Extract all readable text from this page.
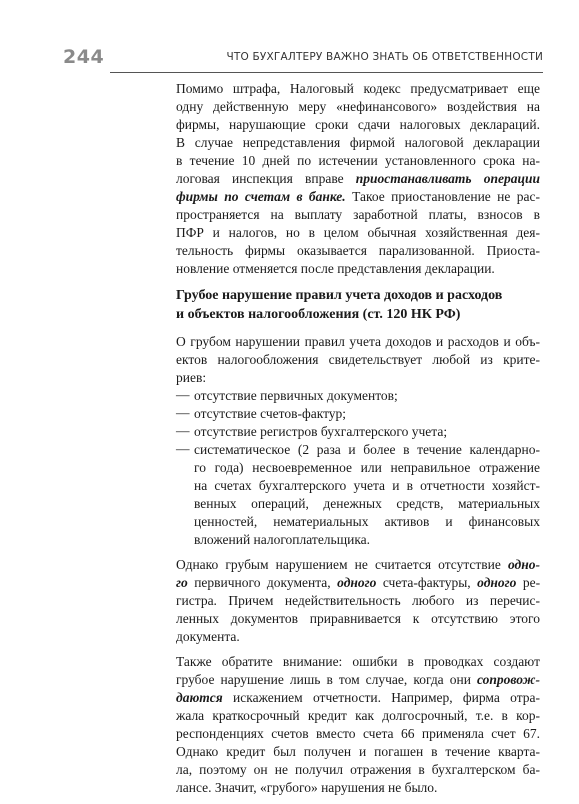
244	ЧТО БУХГАЛТЕРУ ВАЖНО ЗНАТЬ ОБ ОТВЕТСТВЕННОСТИ
Помимо штрафа, Налоговый кодекс предусматривает еще
одну действенную меру «нефинансового» воздействия на
фирмы, нарушающие сроки сдачи налоговых деклараций.
В случае непредставления фирмой налоговой декларации
в течение 10 дней по истечении установленного срока на-
логовая инспекция вправе приостанавливать операции
фирмы по счетам в банке. Такое приостановление не рас-
пространяется на выплату заработной платы, взносов в
ПФР и налогов, но в целом обычная хозяйственная дея-
тельность фирмы оказывается парализованной. Приоста-
новление отменяется после представления декларации.
Грубое нарушение правил учета доходов и расходов
и объектов налогообложения (ст. 120 НК РФ)
О грубом нарушении правил учета доходов и расходов и объ-
ектов налогообложения свидетельствует любой из крите-
риев:
— отсутствие первичных документов;
— отсутствие счетов-фактур;
— отсутствие регистров бухгалтерского учета;
— систематическое (2 раза и более в течение календарно-
го года) несвоевременное или неправильное отражение
на счетах бухгалтерского учета и в отчетности хозяйст-
венных операций, денежных средств, материальных
ценностей, нематериальных активов и финансовых
вложений налогоплательщика.
Однако грубым нарушением не считается отсутствие одно-
го первичного документа, одного счета-фактуры, одного ре-
гистра. Причем недействительность любого из перечис-
ленных документов приравнивается к отсутствию этого
документа.
Также обратите внимание: ошибки в проводках создают
грубое нарушение лишь в том случае, когда они сопровож-
даются искажением отчетности. Например, фирма отра-
жала краткосрочный кредит как долгосрочный, т.е. в кор-
респонденциях счетов вместо счета 66 применяла счет 67.
Однако кредит был получен и погашен в течение кварта-
ла, поэтому он не получил отражения в бухгалтерском ба-
лансе. Значит, «грубого» нарушения не было.
